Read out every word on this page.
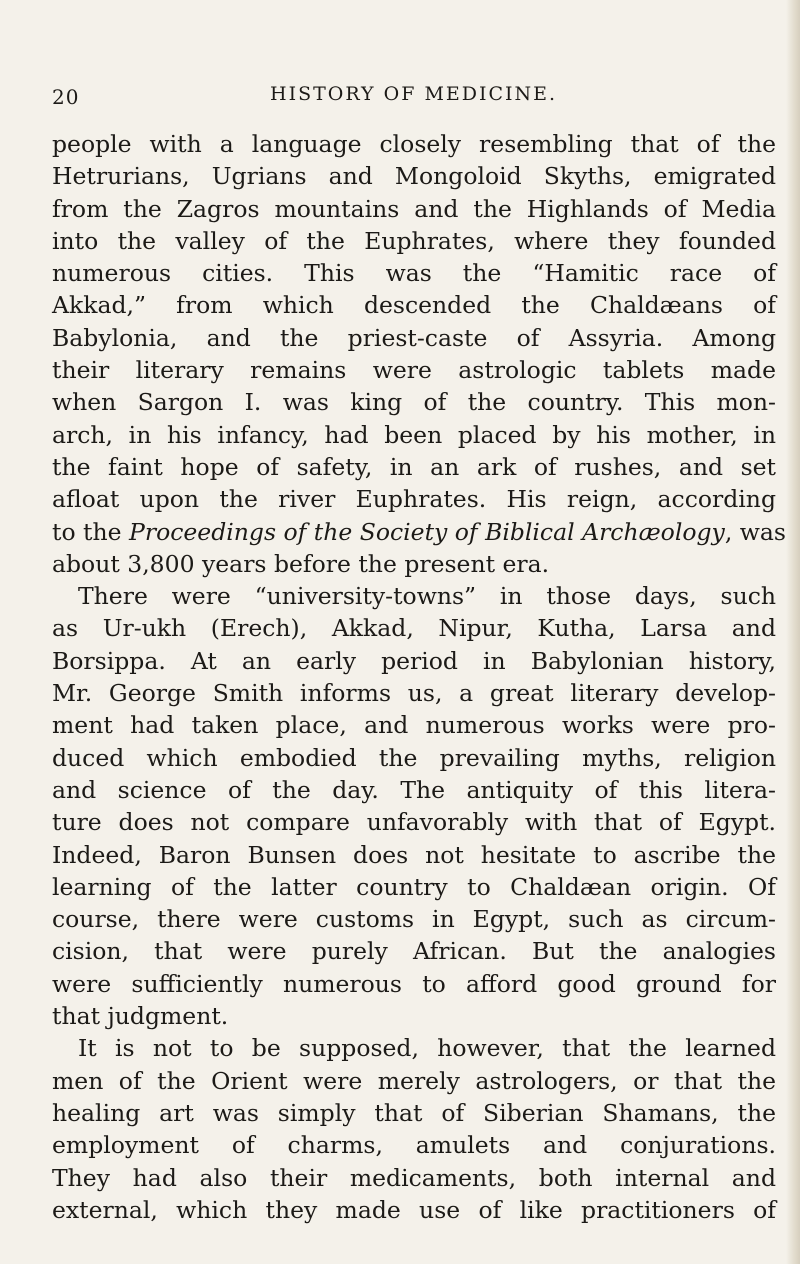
20	HISTORY OF MEDICINE.
people with a language closely resembling that of the
Hetrurians, Ugrians and Mongoloid Skyths, emigrated
from the Zagros mountains and the Highlands of Media
into the valley of the Euphrates, where they founded
numerous cities. This was the “Hamitic race of
Akkad,” from which descended the Chaldæans of
Babylonia, and the priest-caste of Assyria. Among
their literary remains were astrologic tablets made
when Sargon I. was king of the country. This mon-
arch, in his infancy, had been placed by his mother, in
the faint hope of safety, in an ark of rushes, and set
afloat upon the river Euphrates. His reign, according
to the Proceedings of the Society of Biblical Archæology, was
about 3,800 years before the present era.
There were “university-towns” in those days, such
as Ur-ukh (Erech), Akkad, Nipur, Kutha, Larsa and
Borsippa. At an early period in Babylonian history,
Mr. George Smith informs us, a great literary develop-
ment had taken place, and numerous works were pro-
duced which embodied the prevailing myths, religion
and science of the day. The antiquity of this litera-
ture does not compare unfavorably with that of Egypt.
Indeed, Baron Bunsen does not hesitate to ascribe the
learning of the latter country to Chaldæan origin. Of
course, there were customs in Egypt, such as circum-
cision, that were purely African. But the analogies
were sufficiently numerous to afford good ground for
that judgment.
It is not to be supposed, however, that the learned
men of the Orient were merely astrologers, or that the
healing art was simply that of Siberian Shamans, the
employment of charms, amulets and conjurations.
They had also their medicaments, both internal and
external, which they made use of like practitioners of
